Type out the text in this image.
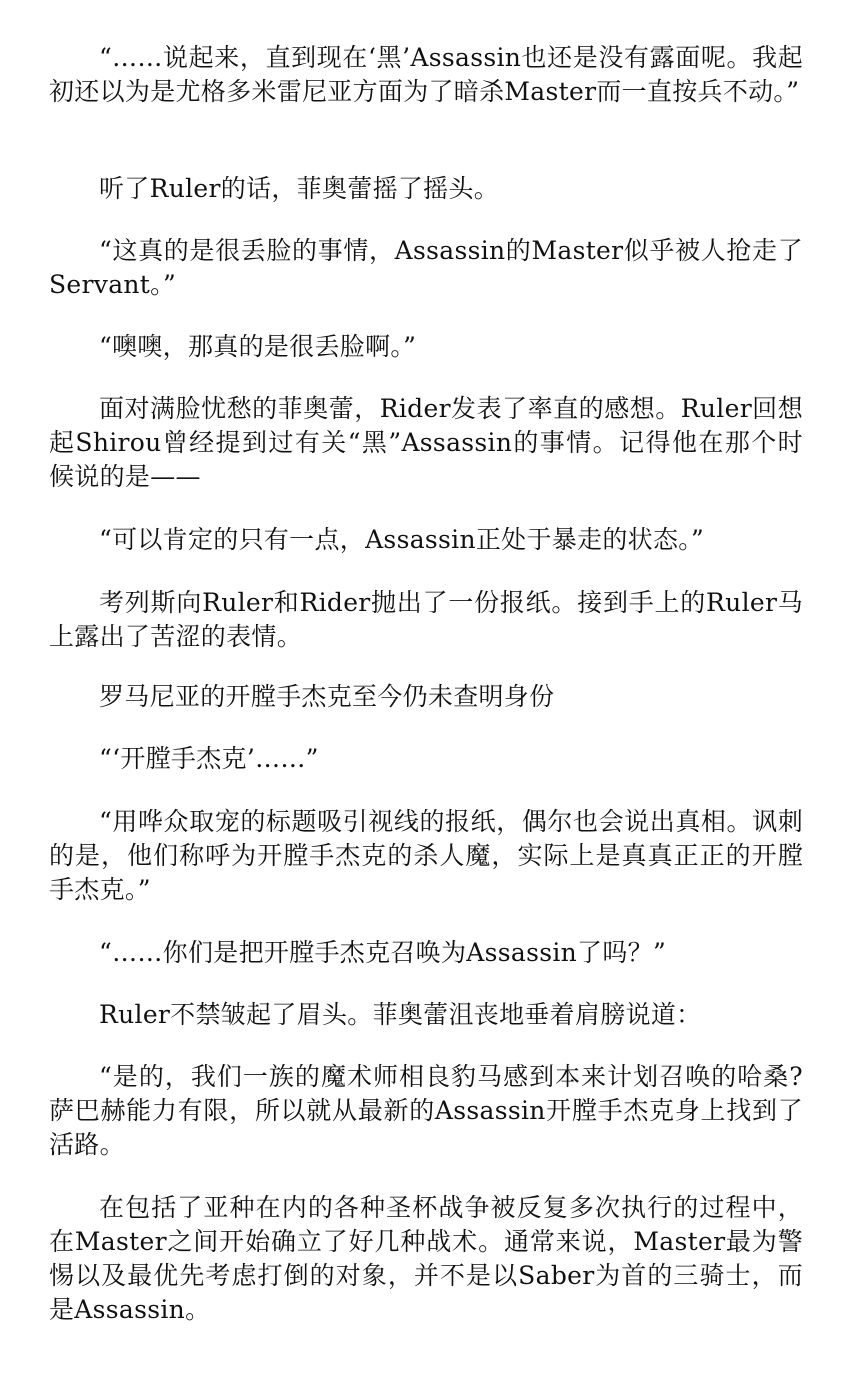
“……说起来，直到现在‘黑’Assassin也还是没有露面呢。我起初还以为是尤格多米雷尼亚方面为了暗杀Master而一直按兵不动。”

听了Ruler的话，菲奥蕾摇了摇头。

“这真的是很丢脸的事情，Assassin的Master似乎被人抢走了Servant。”

“噢噢，那真的是很丢脸啊。”

面对满脸忧愁的菲奥蕾，Rider发表了率直的感想。Ruler回想起Shirou曾经提到过有关“黑”Assassin的事情。记得他在那个时候说的是——

“可以肯定的只有一点，Assassin正处于暴走的状态。”

考列斯向Ruler和Rider抛出了一份报纸。接到手上的Ruler马上露出了苦涩的表情。

罗马尼亚的开膛手杰克至今仍未查明身份

“‘开膛手杰克’……”

“用哗众取宠的标题吸引视线的报纸，偶尔也会说出真相。讽刺的是，他们称呼为开膛手杰克的杀人魔，实际上是真真正正的开膛手杰克。”

“……你们是把开膛手杰克召唤为Assassin了吗？”

Ruler不禁皱起了眉头。菲奥蕾沮丧地垂着肩膀说道：

“是的，我们一族的魔术师相良豹马感到本来计划召唤的哈桑?萨巴赫能力有限，所以就从最新的Assassin开膛手杰克身上找到了活路。

在包括了亚种在内的各种圣杯战争被反复多次执行的过程中，在Master之间开始确立了好几种战术。通常来说，Master最为警惕以及最优先考虑打倒的对象，并不是以Saber为首的三骑士，而是Assassin。
